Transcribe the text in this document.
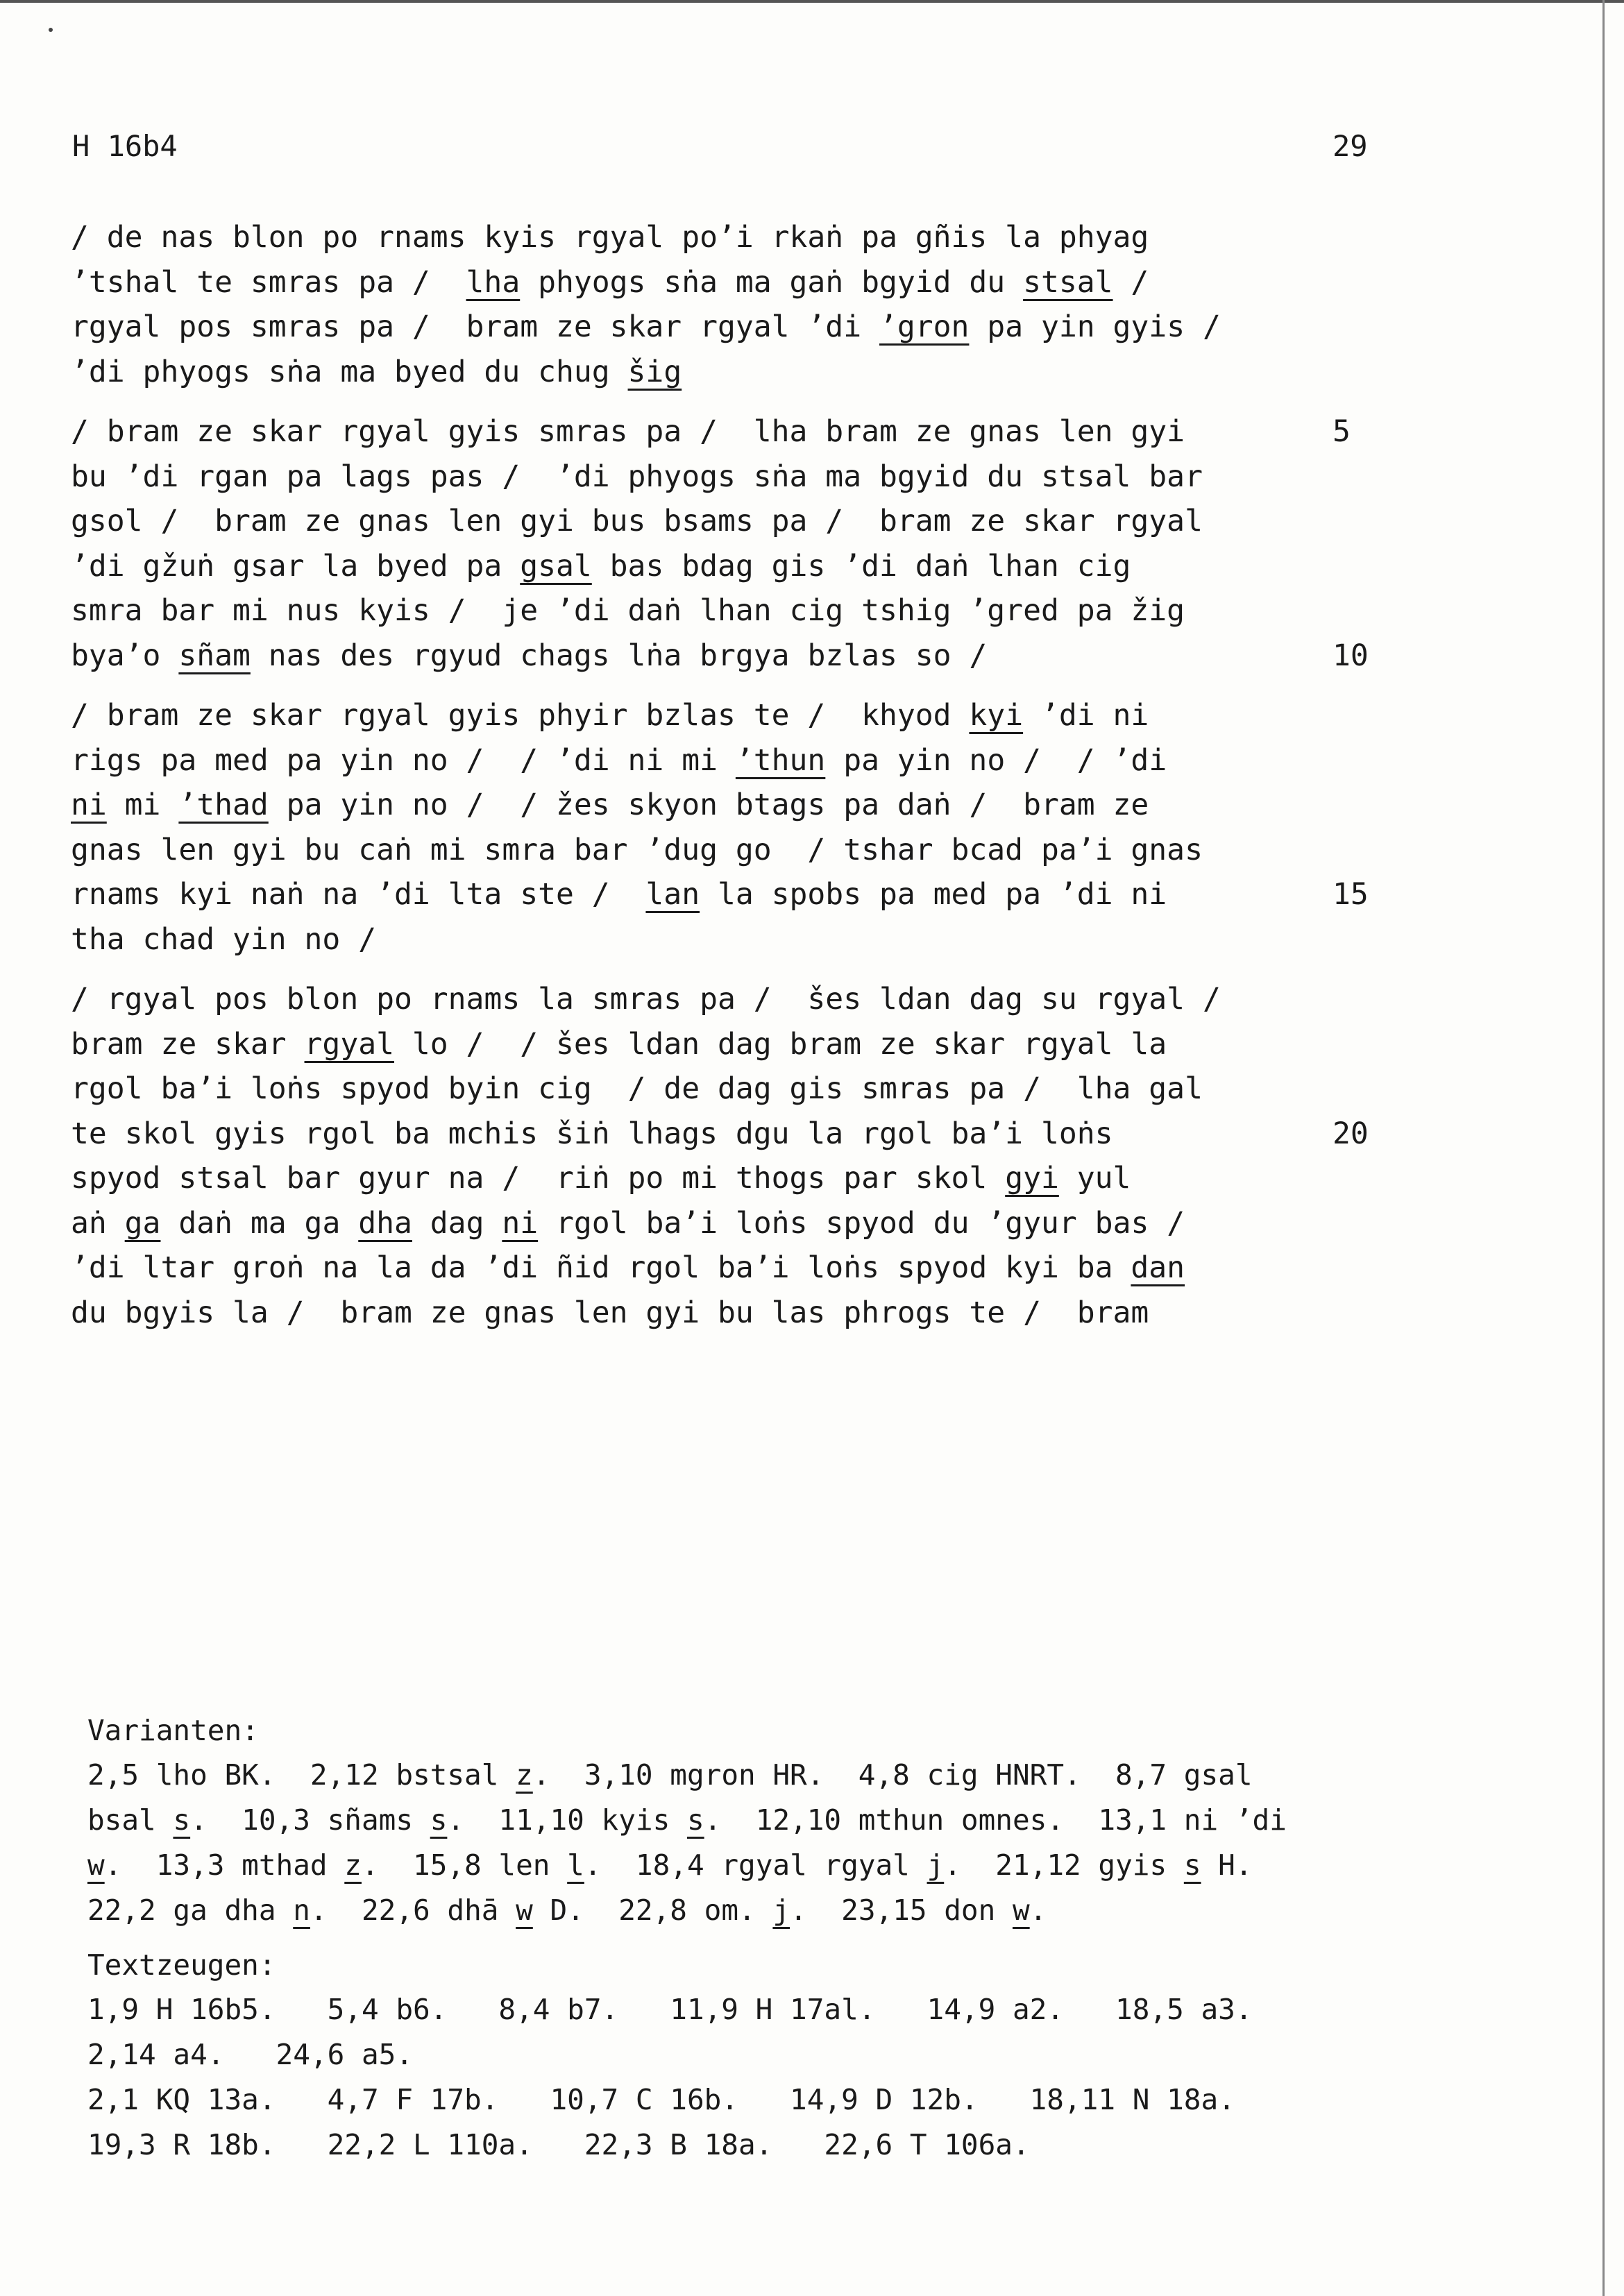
H 16b4	29
/ de nas blon po rnams kyis rgyal po’i rkaṅ pa gñis la phyag
’tshal te smras pa /  lha phyogs sṅa ma gaṅ bgyid du stsal /
rgyal pos smras pa /  bram ze skar rgyal ’di ’gron pa yin gyis /
’di phyogs sṅa ma byed du chug šig
/ bram ze skar rgyal gyis smras pa /  lha bram ze gnas len gyi	5
bu ’di rgan pa lags pas /  ’di phyogs sṅa ma bgyid du stsal bar
gsol /  bram ze gnas len gyi bus bsams pa /  bram ze skar rgyal
’di gžuṅ gsar la byed pa gsal bas bdag gis ’di daṅ lhan cig
smra bar mi nus kyis /  je ’di daṅ lhan cig tshig ’gred pa žig
bya’o sñam nas des rgyud chags lṅa brgya bzlas so /	10
/ bram ze skar rgyal gyis phyir bzlas te /  khyod kyi ’di ni
rigs pa med pa yin no /  / ’di ni mi ’thun pa yin no /  / ’di
ni mi ’thad pa yin no /  / žes skyon btags pa daṅ /  bram ze
gnas len gyi bu caṅ mi smra bar ’dug go  / tshar bcad pa’i gnas
rnams kyi naṅ na ’di lta ste /  lan la spobs pa med pa ’di ni	15
tha chad yin no /
/ rgyal pos blon po rnams la smras pa /  šes ldan dag su rgyal /
bram ze skar rgyal lo /  / šes ldan dag bram ze skar rgyal la
rgol ba’i loṅs spyod byin cig  / de dag gis smras pa /  lha gal
te skol gyis rgol ba mchis šiṅ lhags dgu la rgol ba’i loṅs	20
spyod stsal bar gyur na /  riṅ po mi thogs par skol gyi yul
aṅ ga daṅ ma ga dha dag ni rgol ba’i loṅs spyod du ’gyur bas /
’di ltar groṅ na la da ’di ñid rgol ba’i loṅs spyod kyi ba dan
du bgyis la /  bram ze gnas len gyi bu las phrogs te /  bram
Varianten:
2,5 lho BK.  2,12 bstsal z.  3,10 mgron HR.  4,8 cig HNRT.  8,7 gsal
bsal s.  10,3 sñams s.  11,10 kyis s.  12,10 mthun omnes.  13,1 ni ’di
w.  13,3 mthad z.  15,8 len l.  18,4 rgyal rgyal j.  21,12 gyis s H.
22,2 ga dha n.  22,6 dhā w D.  22,8 om. j.  23,15 don w.
Textzeugen:
1,9 H 16b5.   5,4 b6.   8,4 b7.   11,9 H 17al.   14,9 a2.   18,5 a3.
2,14 a4.   24,6 a5.
2,1 KQ 13a.   4,7 F 17b.   10,7 C 16b.   14,9 D 12b.   18,11 N 18a.
19,3 R 18b.   22,2 L 110a.   22,3 B 18a.   22,6 T 106a.
